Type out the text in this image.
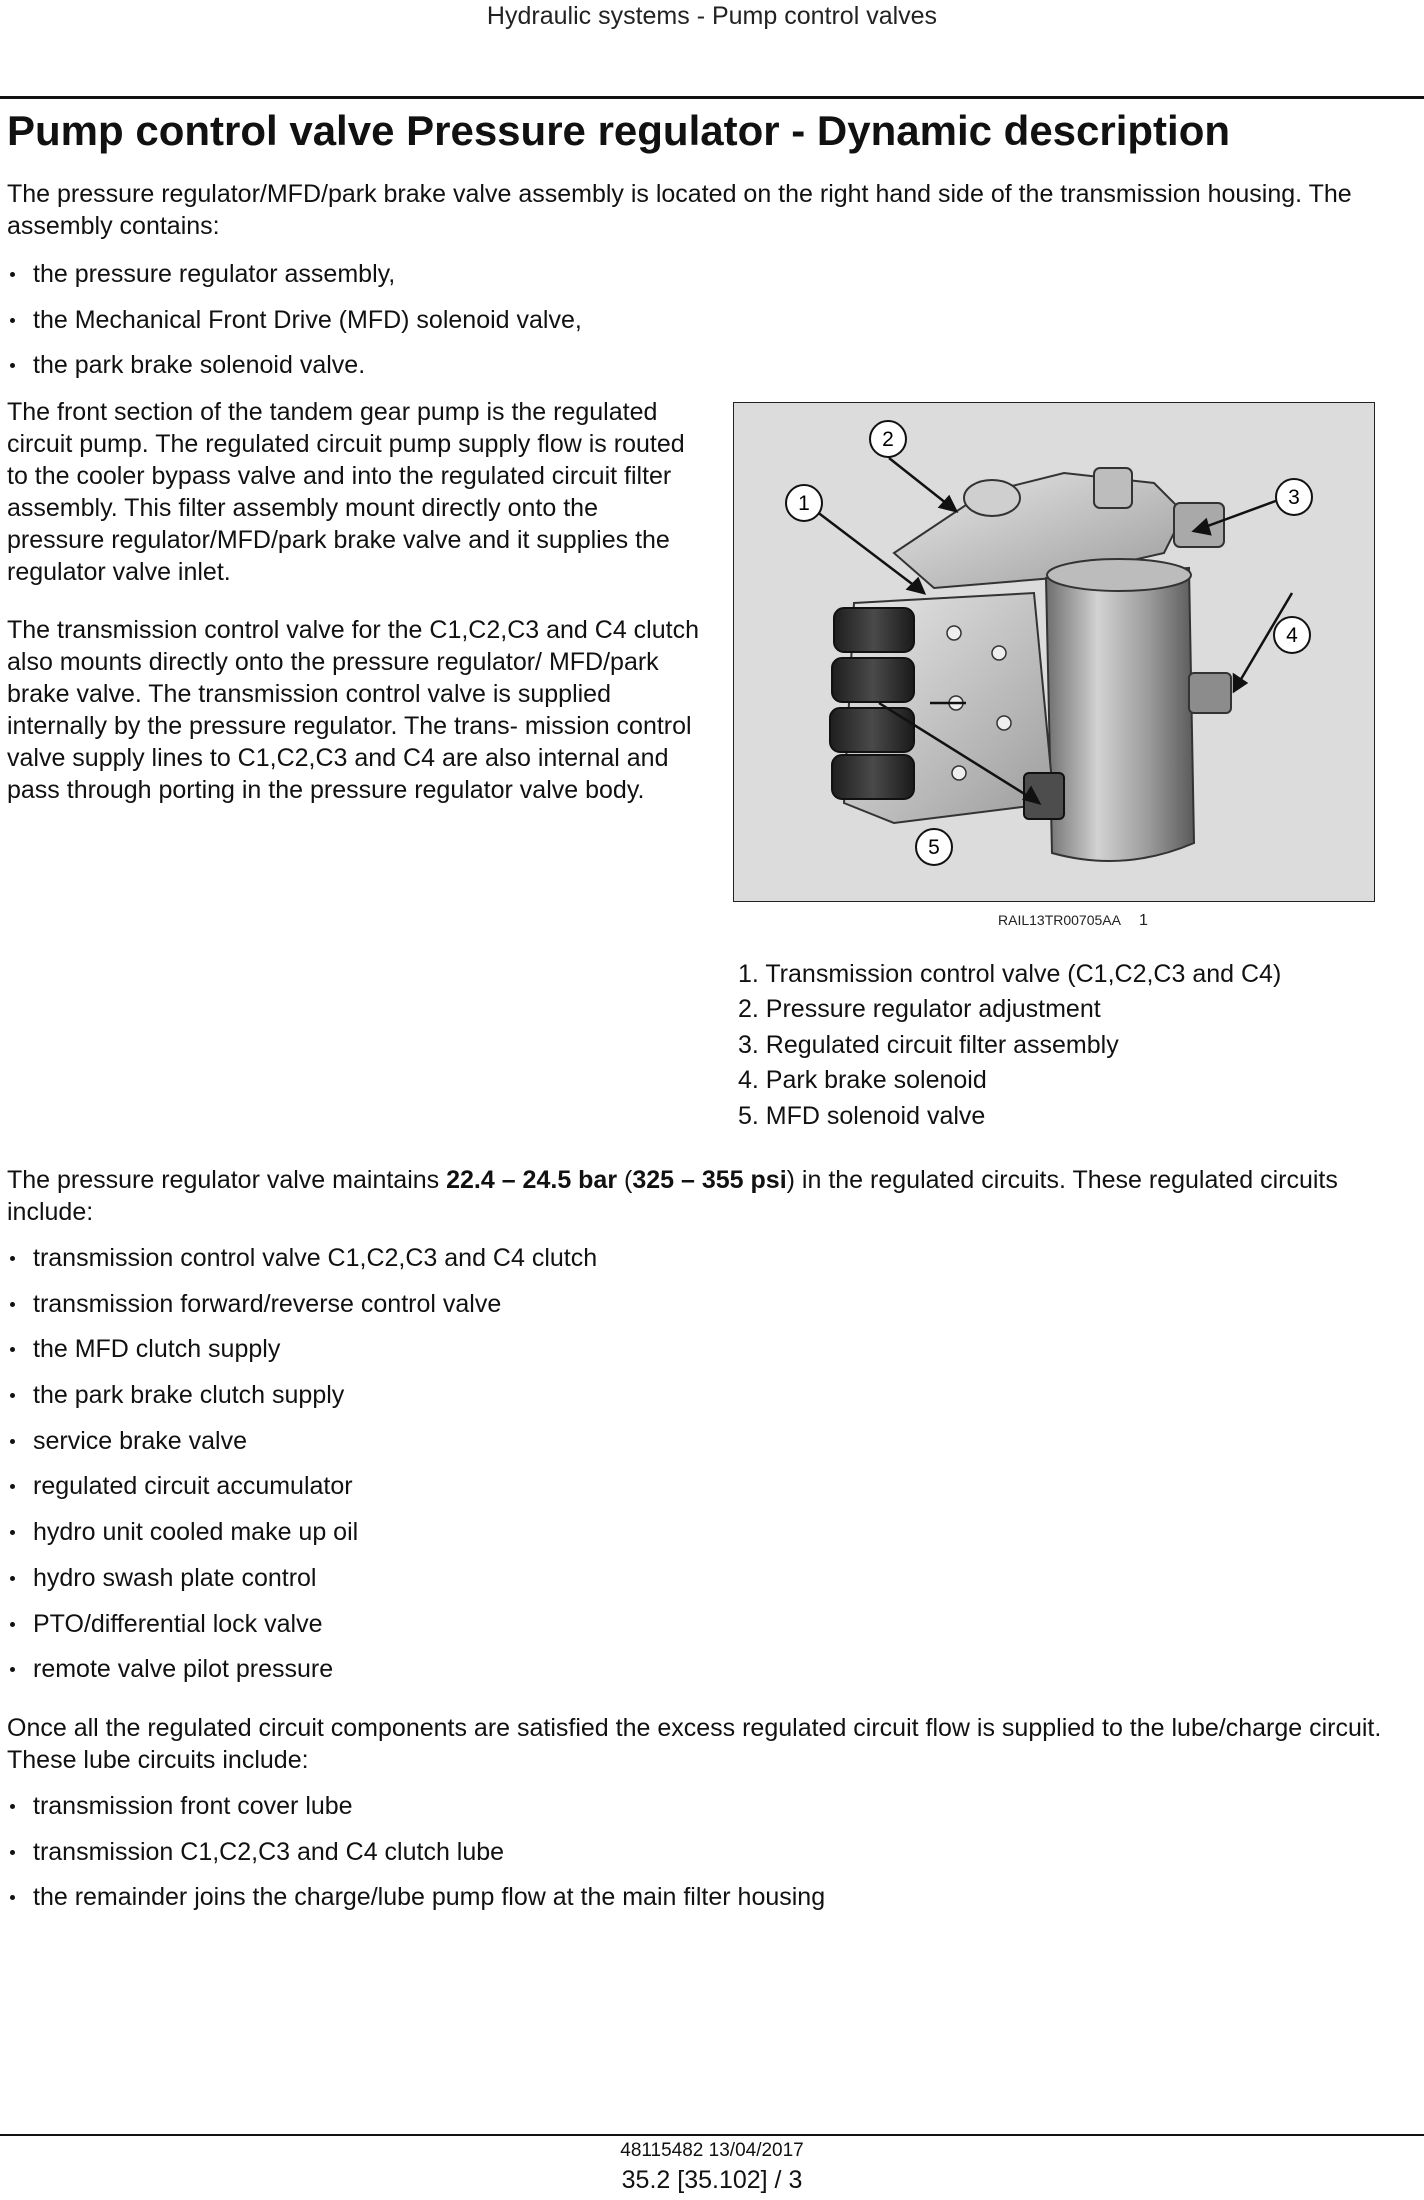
Hydraulic systems - Pump control valves
Pump control valve Pressure regulator - Dynamic description

The pressure regulator/MFD/park brake valve assembly is located on the right hand side of the transmission housing. The assembly contains:

the pressure regulator assembly,
the Mechanical Front Drive (MFD) solenoid valve,
the park brake solenoid valve.

The front section of the tandem gear pump is the regulated circuit pump. The regulated circuit pump supply flow is routed to the cooler bypass valve and into the regulated circuit filter assembly. This filter assembly mount directly onto the pressure regulator/MFD/park brake valve and it supplies the regulator valve inlet.

The transmission control valve for the C1,C2,C3 and C4 clutch also mounts directly onto the pressure regulator/ MFD/park brake valve. The transmission control valve is supplied internally by the pressure regulator. The trans- mission control valve supply lines to C1,C2,C3 and C4 are also internal and pass through porting in the pressure regulator valve body.

1
2
3
4
5
RAIL13TR00705AA 1
1. Transmission control valve (C1,C2,C3 and C4)
2. Pressure regulator adjustment
3. Regulated circuit filter assembly
4. Park brake solenoid
5. MFD solenoid valve

The pressure regulator valve maintains 22.4 – 24.5 bar (325 – 355 psi) in the regulated circuits. These regulated circuits include:

transmission control valve C1,C2,C3 and C4 clutch
transmission forward/reverse control valve
the MFD clutch supply
the park brake clutch supply
service brake valve
regulated circuit accumulator
hydro unit cooled make up oil
hydro swash plate control
PTO/differential lock valve
remote valve pilot pressure

Once all the regulated circuit components are satisfied the excess regulated circuit flow is supplied to the lube/charge circuit. These lube circuits include:

transmission front cover lube
transmission C1,C2,C3 and C4 clutch lube
the remainder joins the charge/lube pump flow at the main filter housing
48115482 13/04/2017
35.2 [35.102] / 3
